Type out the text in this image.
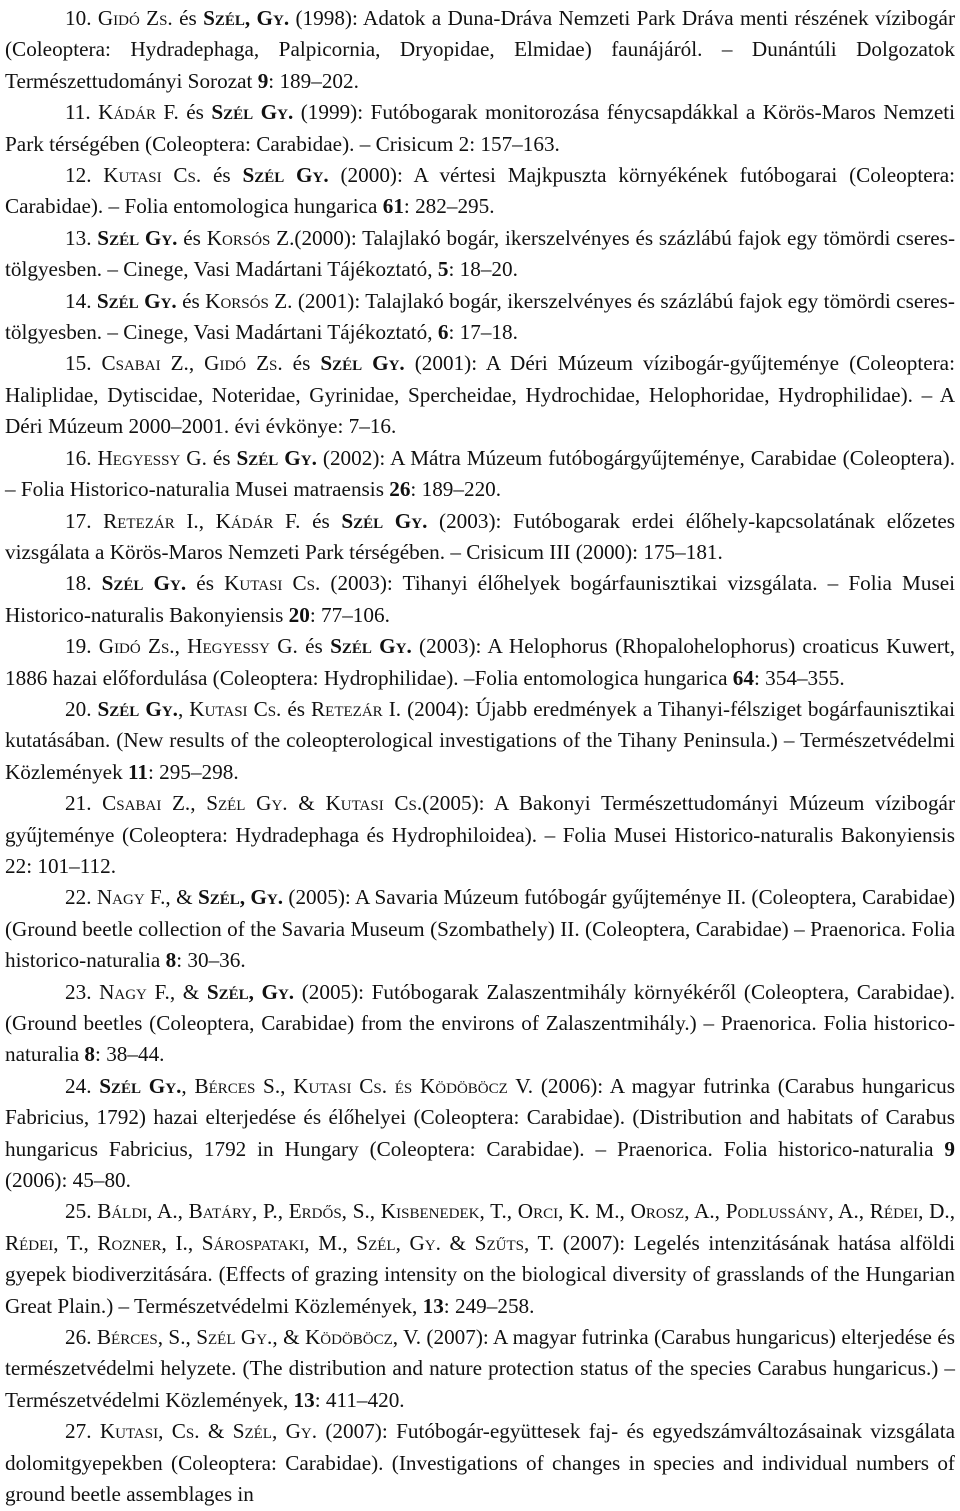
10. Gidó Zs. és Szél, Gy. (1998): Adatok a Duna-Dráva Nemzeti Park Dráva menti részének vízibogár (Coleoptera: Hydradephaga, Palpicornia, Dryopidae, Elmidae) faunájáról. – Dunántúli Dolgozatok Természettudományi Sorozat 9: 189–202.

11. Kádár F. és Szél Gy. (1999): Futóbogarak monitorozása fénycsapdákkal a Körös-Maros Nemzeti Park térségében (Coleoptera: Carabidae). – Crisicum 2: 157–163.

12. Kutasi Cs. és Szél Gy. (2000): A vértesi Majkpuszta környékének futóbogarai (Coleoptera: Carabidae). – Folia entomologica hungarica 61: 282–295.

13. Szél Gy. és Korsós Z.(2000): Talajlakó bogár, ikerszelvényes és százlábú fajok egy tömördi cseres-tölgyesben. – Cinege, Vasi Madártani Tájékoztató, 5: 18–20.

14. Szél Gy. és Korsós Z. (2001): Talajlakó bogár, ikerszelvényes és százlábú fajok egy tömördi cseres-tölgyesben. – Cinege, Vasi Madártani Tájékoztató, 6: 17–18.

15. Csabai Z., Gidó Zs. és Szél Gy. (2001): A Déri Múzeum vízibogár-gyűjteménye (Coleoptera: Haliplidae, Dytiscidae, Noteridae, Gyrinidae, Spercheidae, Hydrochidae, Helophoridae, Hydrophilidae). – A Déri Múzeum 2000–2001. évi évkönye: 7–16.

16. Hegyessy G. és Szél Gy. (2002): A Mátra Múzeum futóbogárgyűjteménye, Carabidae (Coleoptera). – Folia Historico-naturalia Musei matraensis 26: 189–220.

17. Retezár I., Kádár F. és Szél Gy. (2003): Futóbogarak erdei élőhely-kapcsolatának előzetes vizsgálata a Körös-Maros Nemzeti Park térségében. – Crisicum III (2000): 175–181.

18. Szél Gy. és Kutasi Cs. (2003): Tihanyi élőhelyek bogárfaunisztikai vizsgálata. – Folia Musei Historico-naturalis Bakonyiensis 20: 77–106.

19. Gidó Zs., Hegyessy G. és Szél Gy. (2003): A Helophorus (Rhopalohelophorus) croaticus Kuwert, 1886 hazai előfordulása (Coleoptera: Hydrophilidae). –Folia entomologica hungarica 64: 354–355.

20. Szél Gy., Kutasi Cs. és Retezár I. (2004): Újabb eredmények a Tihanyi-félsziget bogárfaunisztikai kutatásában. (New results of the coleopterological investigations of the Tihany Peninsula.) – Természetvédelmi Közlemények 11: 295–298.

21. Csabai Z., Szél Gy. & Kutasi Cs.(2005): A Bakonyi Természettudományi Múzeum vízibogár gyűjteménye (Coleoptera: Hydradephaga és Hydrophiloidea). – Folia Musei Historico-naturalis Bakonyiensis 22: 101–112.

22. Nagy F., & Szél, Gy. (2005): A Savaria Múzeum futóbogár gyűjteménye II. (Coleoptera, Carabidae) (Ground beetle collection of the Savaria Museum (Szombathely) II. (Coleoptera, Carabidae) – Praenorica. Folia historico-naturalia 8: 30–36.

23. Nagy F., & Szél, Gy. (2005): Futóbogarak Zalaszentmihály környékéről (Coleoptera, Carabidae). (Ground beetles (Coleoptera, Carabidae) from the environs of Zalaszentmihály.) – Praenorica. Folia historico-naturalia 8: 38–44.

24. Szél Gy., Bérces S., Kutasi Cs. és Ködöböcz V. (2006): A magyar futrinka (Carabus hungaricus Fabricius, 1792) hazai elterjedése és élőhelyei (Coleoptera: Carabidae). (Distribution and habitats of Carabus hungaricus Fabricius, 1792 in Hungary (Coleoptera: Carabidae). – Praenorica. Folia historico-naturalia 9 (2006): 45–80.

25. Báldi, A., Batáry, P., Erdős, S., Kisbenedek, T., Orci, K. M., Orosz, A., Podlussány, A., Rédei, D., Rédei, T., Rozner, I., Sárospataki, M., Szél, Gy. & Szűts, T. (2007): Legelés intenzitásának hatása alföldi gyepek biodiverzitására. (Effects of grazing intensity on the biological diversity of grasslands of the Hungarian Great Plain.) – Természetvédelmi Közlemények, 13: 249–258.

26. Bérces, S., Szél Gy., & Ködöböcz, V. (2007): A magyar futrinka (Carabus hungaricus) elterjedése és természetvédelmi helyzete. (The distribution and nature protection status of the species Carabus hungaricus.) – Természetvédelmi Közlemények, 13: 411–420.

27. Kutasi, Cs. & Szél, Gy. (2007): Futóbogár-együttesek faj- és egyedszámváltozásainak vizsgálata dolomitgyepekben (Coleoptera: Carabidae). (Investigations of changes in species and individual numbers of ground beetle assemblages in
